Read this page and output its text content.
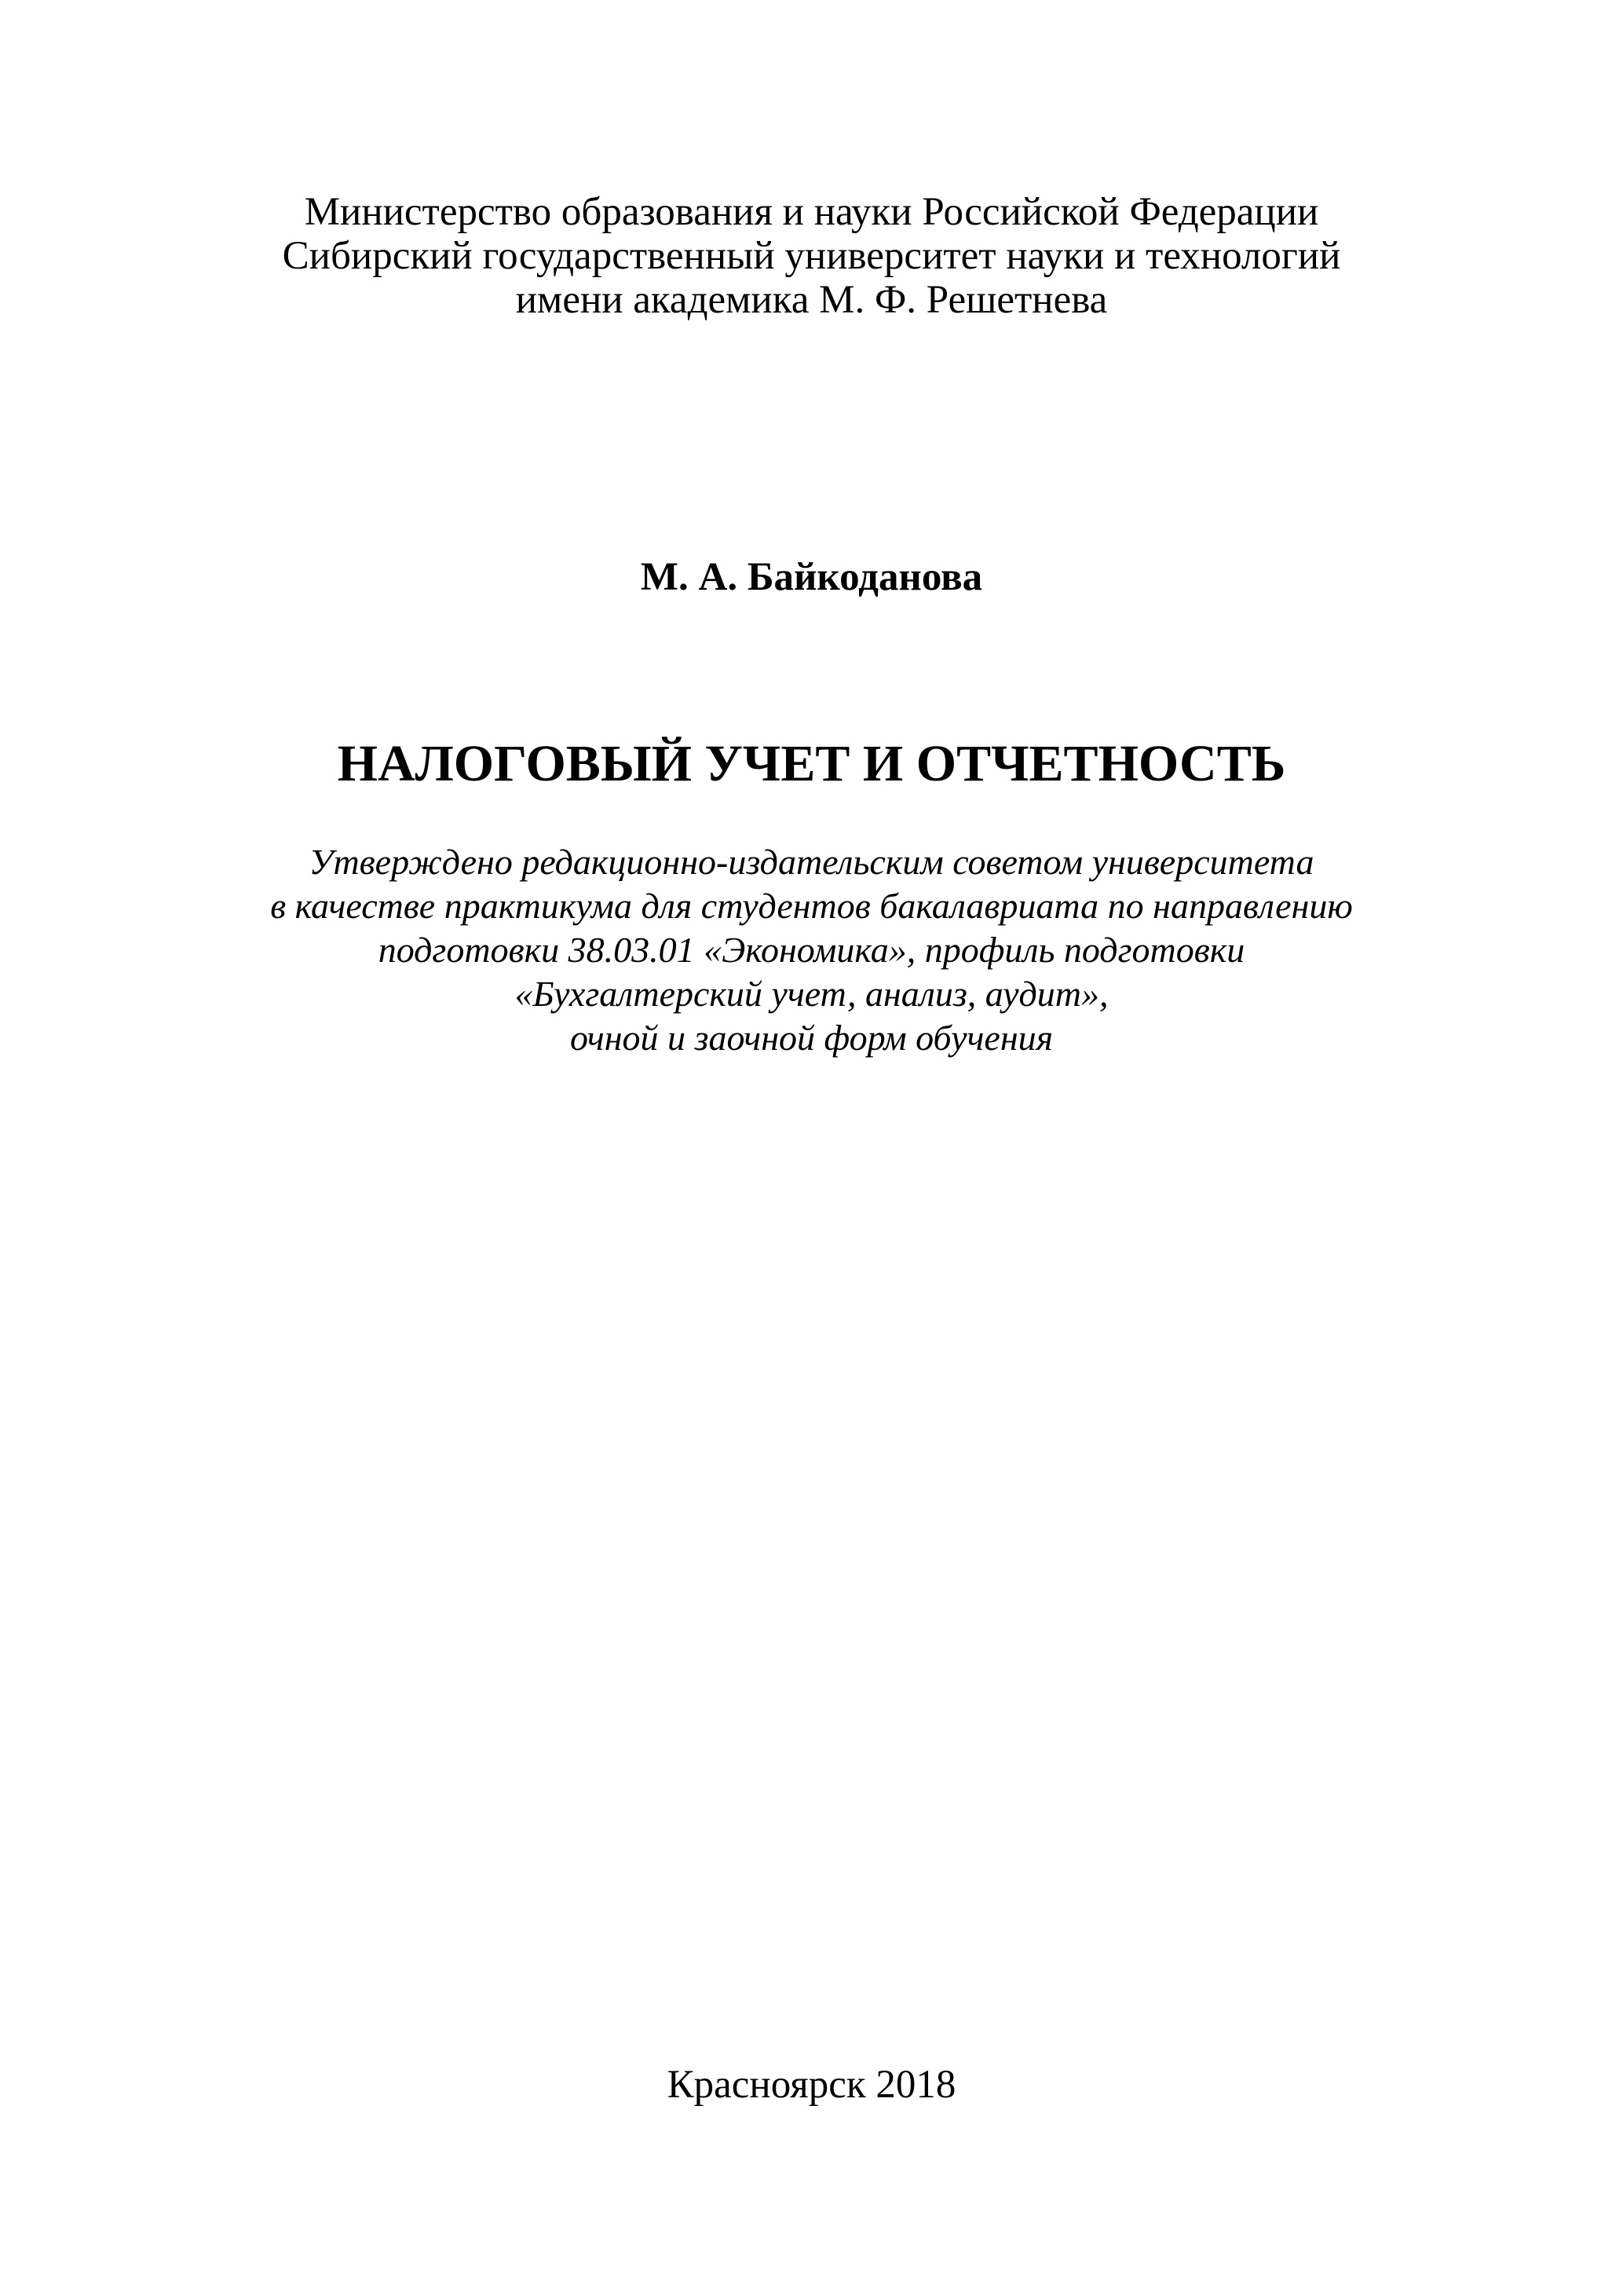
Министерство образования и науки Российской Федерации
Сибирский государственный университет науки и технологий
имени академика М. Ф. Решетнева
М. А. Байкоданова
НАЛОГОВЫЙ УЧЕТ И ОТЧЕТНОСТЬ
Утверждено редакционно-издательским советом университета
в качестве практикума для студентов бакалавриата по направлению
подготовки 38.03.01 «Экономика», профиль подготовки
«Бухгалтерский учет, анализ, аудит»,
очной и заочной форм обучения
Красноярск 2018
